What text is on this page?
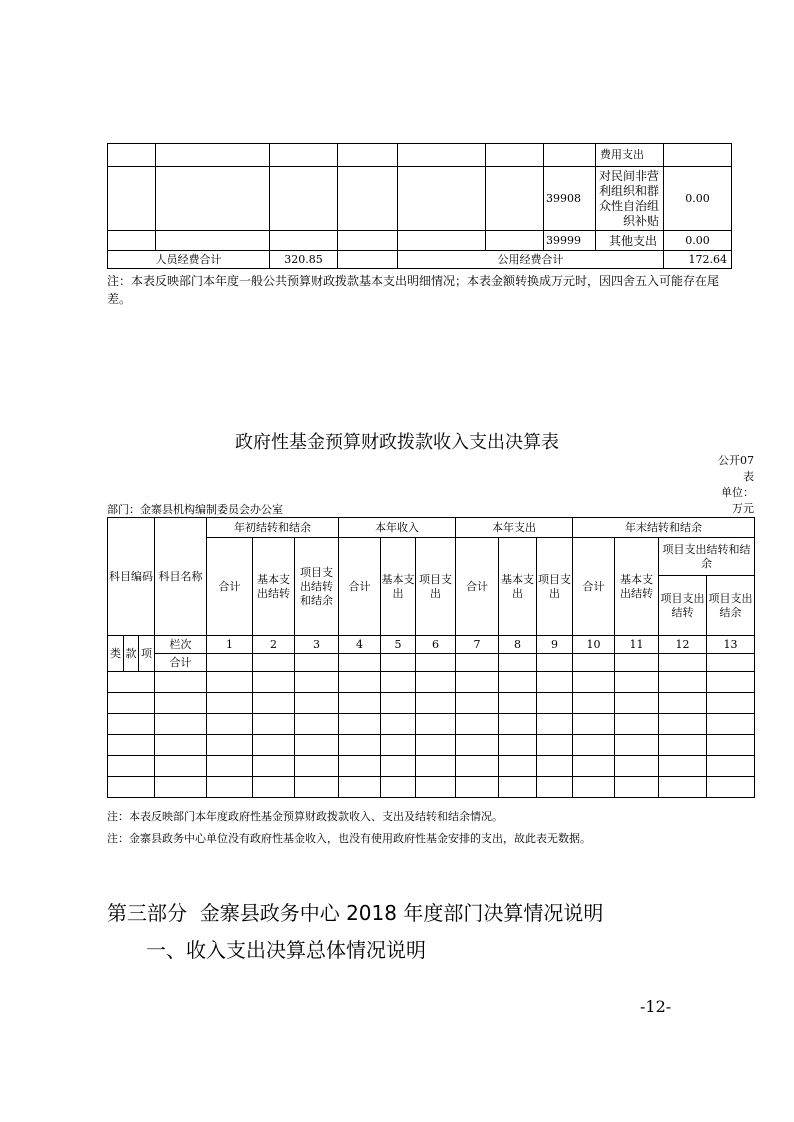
							费用支出	
						39908	对民间非营利组织和群众性自治组织补贴	0.00
						39999	其他支出	0.00
人员经费合计		320.85		公用经费合计				172.64
注：本表反映部门本年度一般公共预算财政拨款基本支出明细情况；本表金额转换成万元时，因四舍五入可能存在尾差。
政府性基金预算财政拨款收入支出决算表
公开07
表
单位：
万元
部门：金寨县机构编制委员会办公室
科目编码			科目名称	年初结转和结余			本年收入			本年支出			年末结转和结余			
				合计	基本支出结转	项目支出结转和结余	合计	基本支出	项目支出	合计	基本支出	项目支出	合计	基本支出结转	项目支出结转和结余	
															项目支出结转	项目支出结余
类	款	项	栏次	1	2	3	4	5	6	7	8	9	10	11	12	13
			合计													

注：本表反映部门本年度政府性基金预算财政拨款收入、支出及结转和结余情况。
注：金寨县政务中心单位没有政府性基金收入，也没有使用政府性基金安排的支出，故此表无数据。
第三部分  金寨县政务中心 2018 年度部门决算情况说明
一、收入支出决算总体情况说明
-12-
